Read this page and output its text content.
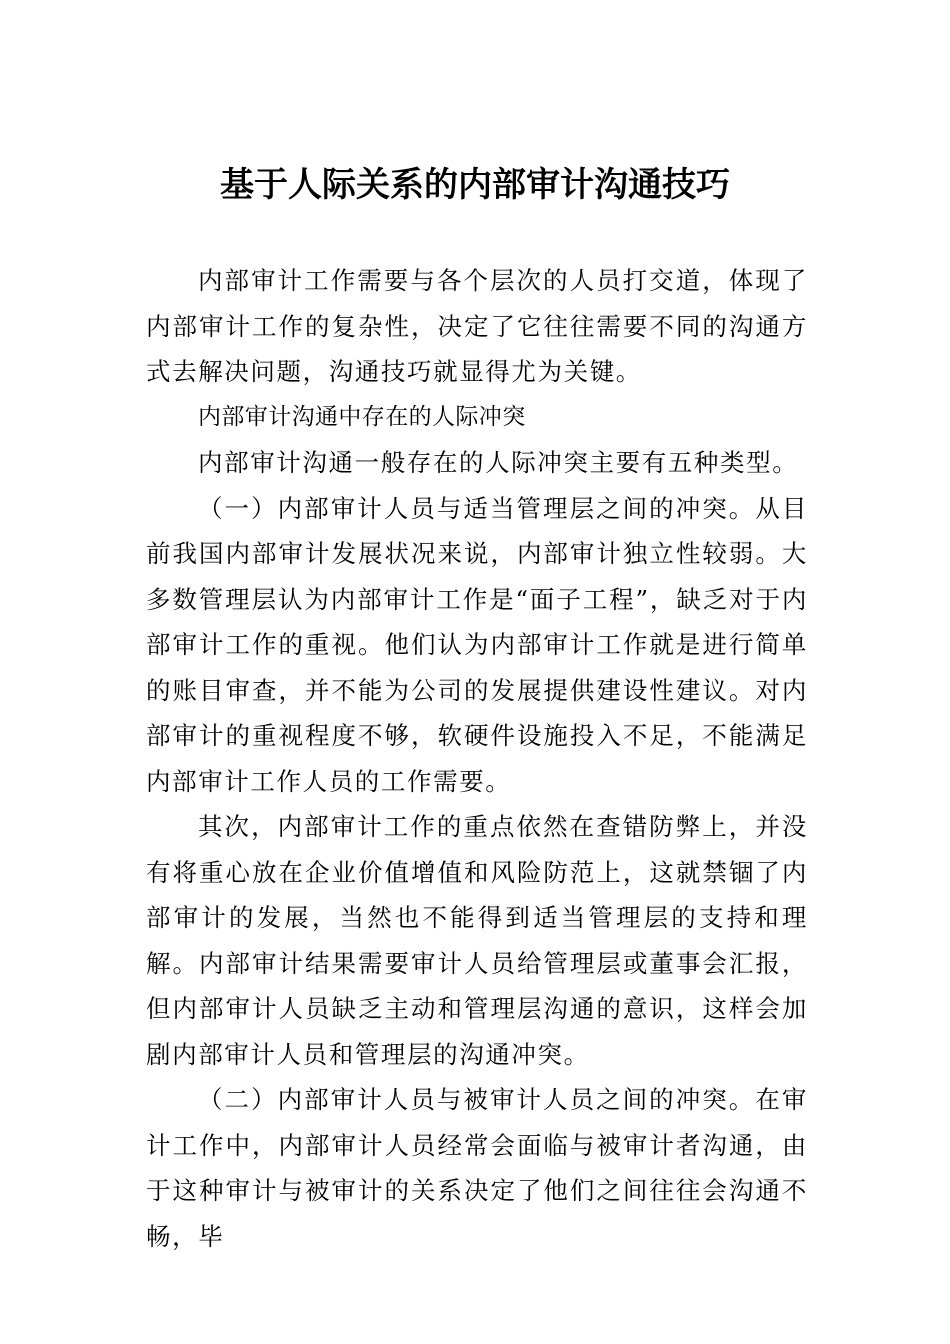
基于人际关系的内部审计沟通技巧

内部审计工作需要与各个层次的人员打交道，体现了内部审计工作的复杂性，决定了它往往需要不同的沟通方式去解决问题，沟通技巧就显得尤为关键。

内部审计沟通中存在的人际冲突

内部审计沟通一般存在的人际冲突主要有五种类型。

（一）内部审计人员与适当管理层之间的冲突。从目前我国内部审计发展状况来说，内部审计独立性较弱。大多数管理层认为内部审计工作是“面子工程”，缺乏对于内部审计工作的重视。他们认为内部审计工作就是进行简单的账目审查，并不能为公司的发展提供建设性建议。对内部审计的重视程度不够，软硬件设施投入不足，不能满足内部审计工作人员的工作需要。

其次，内部审计工作的重点依然在查错防弊上，并没有将重心放在企业价值增值和风险防范上，这就禁锢了内部审计的发展，当然也不能得到适当管理层的支持和理解。内部审计结果需要审计人员给管理层或董事会汇报，但内部审计人员缺乏主动和管理层沟通的意识，这样会加剧内部审计人员和管理层的沟通冲突。

（二）内部审计人员与被审计人员之间的冲突。在审计工作中，内部审计人员经常会面临与被审计者沟通，由于这种审计与被审计的关系决定了他们之间往往会沟通不畅，毕
